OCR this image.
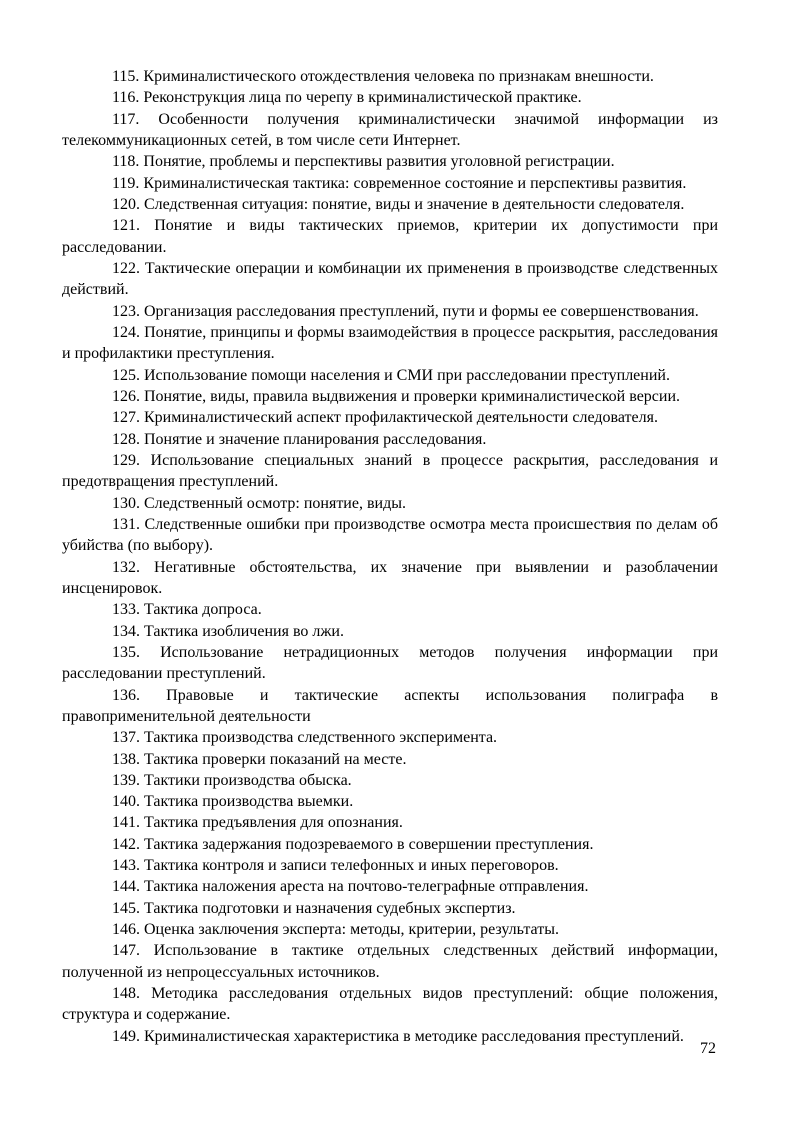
115. Криминалистического отождествления человека по признакам внешности.

116. Реконструкция лица по черепу в криминалистической практике.

117. Особенности получения криминалистически значимой информации из телекоммуникационных сетей, в том числе сети Интернет.

118. Понятие, проблемы и перспективы развития уголовной регистрации.

119. Криминалистическая тактика: современное состояние и перспективы развития.

120. Следственная ситуация: понятие, виды и значение в деятельности следователя.

121. Понятие и виды тактических приемов, критерии их допустимости при расследовании.

122. Тактические операции и комбинации их применения в производстве следственных действий.

123. Организация расследования преступлений, пути и формы ее совершенствования.

124. Понятие, принципы и формы взаимодействия в процессе раскрытия, расследования и профилактики преступления.

125. Использование помощи населения и СМИ при расследовании преступлений.

126. Понятие, виды, правила выдвижения и проверки криминалистической версии.

127. Криминалистический аспект профилактической деятельности следователя.

128. Понятие и значение планирования расследования.

129. Использование специальных знаний в процессе раскрытия, расследования и предотвращения преступлений.

130. Следственный осмотр: понятие, виды.

131. Следственные ошибки при производстве осмотра места происшествия по делам об убийства (по выбору).

132. Негативные обстоятельства, их значение при выявлении и разоблачении инсценировок.

133. Тактика допроса.

134. Тактика изобличения во лжи.

135. Использование нетрадиционных методов получения информации при расследовании преступлений.

136. Правовые и тактические аспекты использования полиграфа в правоприменительной деятельности

137. Тактика производства следственного эксперимента.

138. Тактика проверки показаний на месте.

139. Тактики производства обыска.

140. Тактика производства выемки.

141. Тактика предъявления для опознания.

142. Тактика задержания подозреваемого в совершении преступления.

143. Тактика контроля и записи телефонных и иных переговоров.

144. Тактика наложения ареста на почтово-телеграфные отправления.

145. Тактика подготовки и назначения судебных экспертиз.

146. Оценка заключения эксперта: методы, критерии, результаты.

147. Использование в тактике отдельных следственных действий информации, полученной из непроцессуальных источников.

148. Методика расследования отдельных видов преступлений: общие положения, структура и содержание.

149. Криминалистическая характеристика в методике расследования преступлений.

72
